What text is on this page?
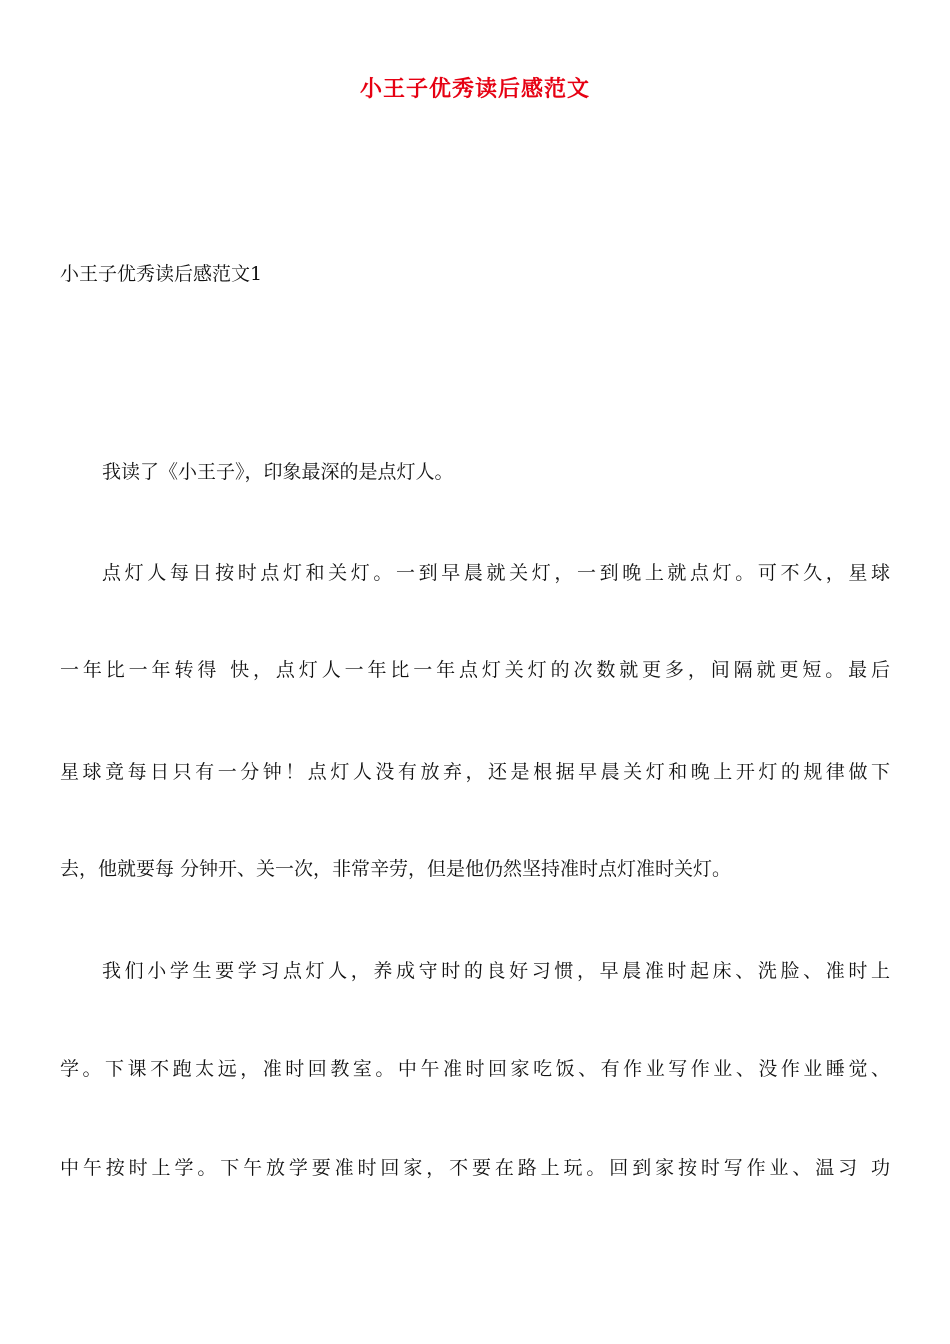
小王子优秀读后感范文
小王子优秀读后感范文1
我读了《小王子》，印象最深的是点灯人。
点灯人每日按时点灯和关灯。一到早晨就关灯，一到晚上就点灯。可不久，星球
一年比一年转得 快，点灯人一年比一年点灯关灯的次数就更多，间隔就更短。最后
星球竟每日只有一分钟！点灯人没有放弃，还是根据早晨关灯和晚上开灯的规律做下
去，他就要每 分钟开、关一次，非常辛劳，但是他仍然坚持准时点灯准时关灯。
我们小学生要学习点灯人，养成守时的良好习惯，早晨准时起床、洗脸、准时上
学。下课不跑太远，准时回教室。中午准时回家吃饭、有作业写作业、没作业睡觉、
中午按时上学。下午放学要准时回家，不要在路上玩。回到家按时写作业、温习 功
